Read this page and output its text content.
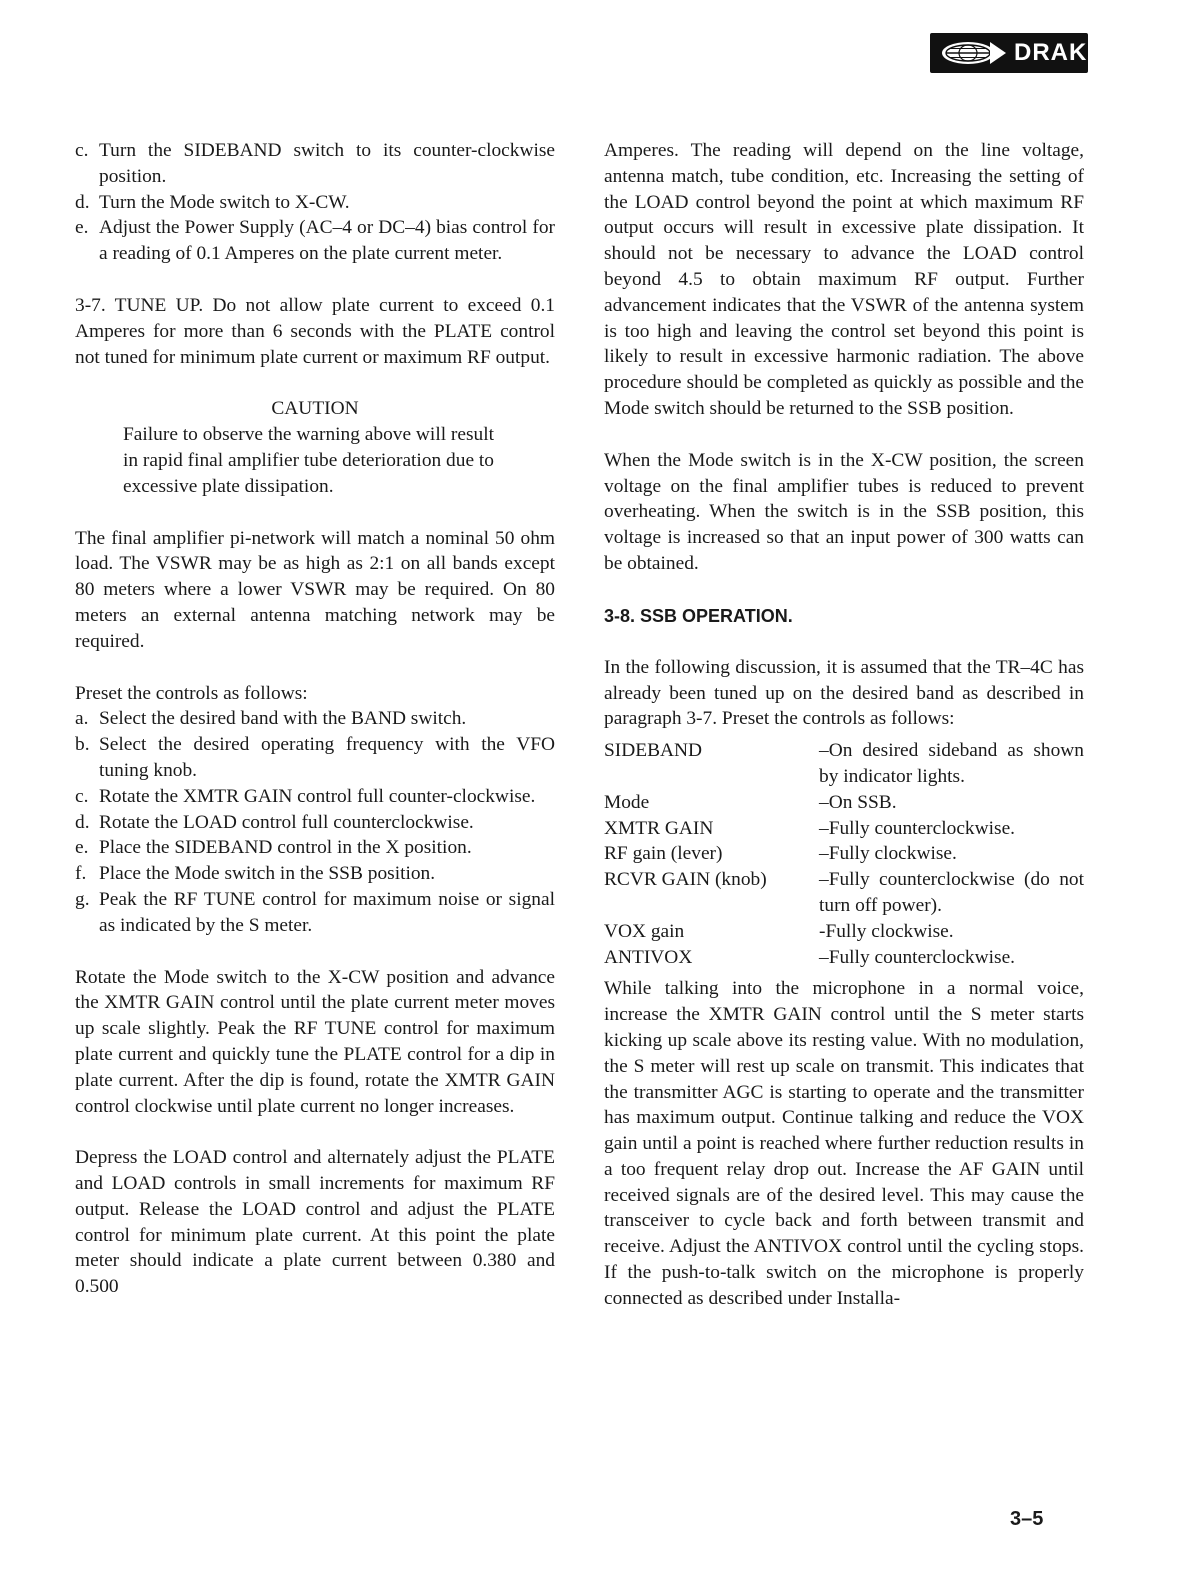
DRAKE
c. Turn the SIDEBAND switch to its counter-clockwise position.
d. Turn the Mode switch to X-CW.
e. Adjust the Power Supply (AC–4 or DC–4) bias control for a reading of 0.1 Amperes on the plate current meter.

3-7. TUNE UP. Do not allow plate current to exceed 0.1 Amperes for more than 6 seconds with the PLATE control not tuned for minimum plate current or maximum RF output.

CAUTION

Failure to observe the warning above will result in rapid final amplifier tube deterioration due to excessive plate dissipation.

The final amplifier pi-network will match a nominal 50 ohm load. The VSWR may be as high as 2:1 on all bands except 80 meters where a lower VSWR may be required. On 80 meters an external antenna matching network may be required.

Preset the controls as follows:

a. Select the desired band with the BAND switch.
b. Select the desired operating frequency with the VFO tuning knob.
c. Rotate the XMTR GAIN control full counter-clockwise.
d. Rotate the LOAD control full counterclockwise.
e. Place the SIDEBAND control in the X position.
f. Place the Mode switch in the SSB position.
g. Peak the RF TUNE control for maximum noise or signal as indicated by the S meter.

Rotate the Mode switch to the X-CW position and advance the XMTR GAIN control until the plate current meter moves up scale slightly. Peak the RF TUNE control for maximum plate current and quickly tune the PLATE control for a dip in plate current. After the dip is found, rotate the XMTR GAIN control clockwise until plate current no longer increases.

Depress the LOAD control and alternately adjust the PLATE and LOAD controls in small increments for maximum RF output. Release the LOAD control and adjust the PLATE control for minimum plate current. At this point the plate meter should indicate a plate current between 0.380 and 0.500

Amperes. The reading will depend on the line voltage, antenna match, tube condition, etc. Increasing the setting of the LOAD control beyond the point at which maximum RF output occurs will result in excessive plate dissipation. It should not be necessary to advance the LOAD control beyond 4.5 to obtain maximum RF output. Further advancement indicates that the VSWR of the antenna system is too high and leaving the control set beyond this point is likely to result in excessive harmonic radiation. The above procedure should be completed as quickly as possible and the Mode switch should be returned to the SSB position.

When the Mode switch is in the X-CW position, the screen voltage on the final amplifier tubes is reduced to prevent overheating. When the switch is in the SSB position, this voltage is increased so that an input power of 300 watts can be obtained.

3-8. SSB OPERATION.

In the following discussion, it is assumed that the TR–4C has already been tuned up on the desired band as described in paragraph 3-7. Preset the controls as follows:

SIDEBAND	–On desired sideband as shown by indicator lights.
Mode	–On SSB.
XMTR GAIN	–Fully counterclockwise.
RF gain (lever)	–Fully clockwise.
RCVR GAIN (knob)	–Fully counterclockwise (do not turn off power).
VOX gain	-Fully clockwise.
ANTIVOX	–Fully counterclockwise.

While talking into the microphone in a normal voice, increase the XMTR GAIN control until the S meter starts kicking up scale above its resting value. With no modulation, the S meter will rest up scale on transmit. This indicates that the transmitter AGC is starting to operate and the transmitter has maximum output. Continue talking and reduce the VOX gain until a point is reached where further reduction results in a too frequent relay drop out. Increase the AF GAIN until received signals are of the desired level. This may cause the transceiver to cycle back and forth between transmit and receive. Adjust the ANTIVOX control until the cycling stops. If the push-to-talk switch on the microphone is properly connected as described under Installa-

3–5
